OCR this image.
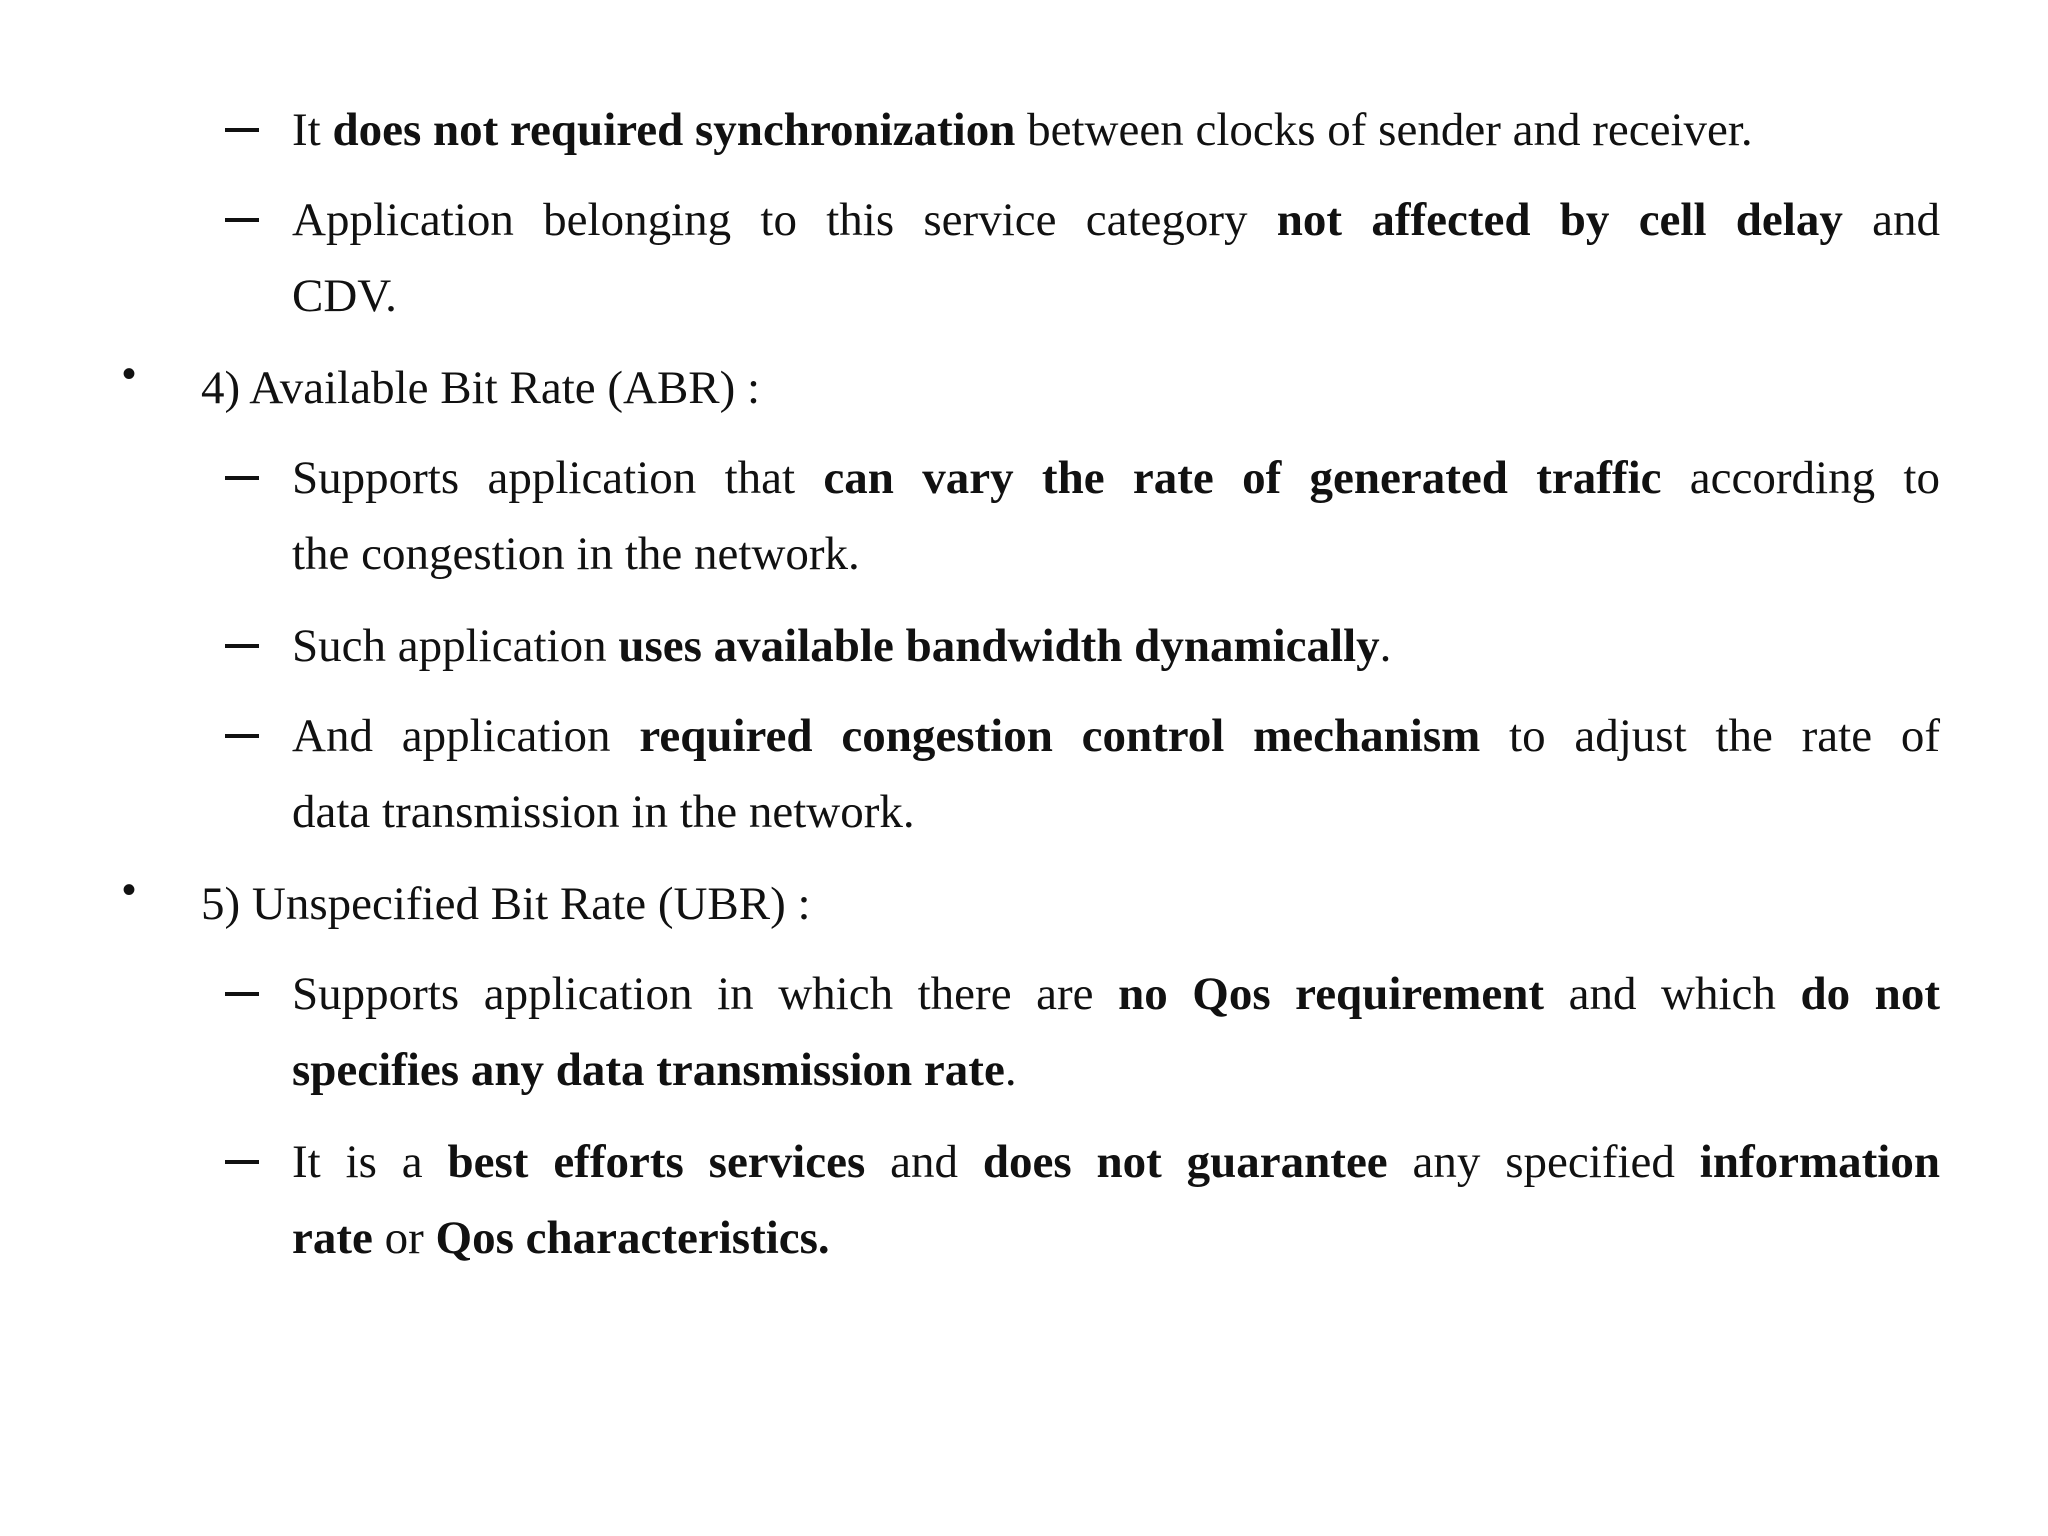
It does not required synchronization between clocks of sender and receiver.
Application belonging to this service category not affected by cell delay and
CDV.
• 4) Available Bit Rate (ABR) :
Supports application that can vary the rate of generated traffic according to
the congestion in the network.
Such application uses available bandwidth dynamically.
And application required congestion control mechanism to adjust the rate of
data transmission in the network.
• 5) Unspecified Bit Rate (UBR) :
Supports application in which there are no Qos requirement and which do not
specifies any data transmission rate.
It is a best efforts services and does not guarantee any specified information
rate or Qos characteristics.
